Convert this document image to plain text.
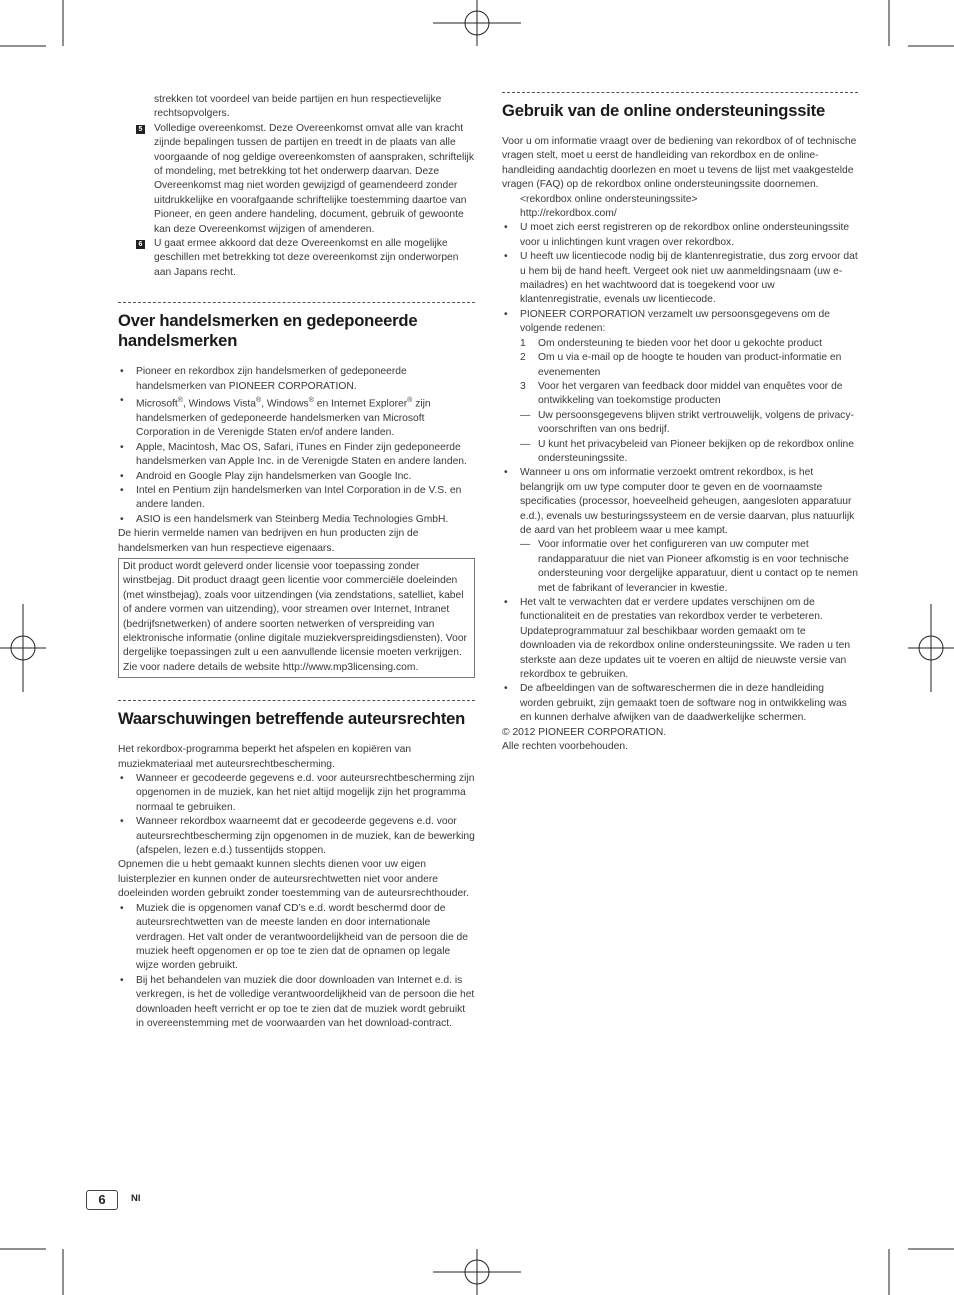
strekken tot voordeel van beide partijen en hun respectievelijke rechtsopvolgers.

5 Volledige overeenkomst. Deze Overeenkomst omvat alle van kracht zijnde bepalingen tussen de partijen en treedt in de plaats van alle voorgaande of nog geldige overeenkomsten of aanspraken, schriftelijk of mondeling, met betrekking tot het onderwerp daarvan. Deze Overeenkomst mag niet worden gewijzigd of geamendeerd zonder uitdrukkelijke en voorafgaande schriftelijke toestemming daartoe van Pioneer, en geen andere handeling, document, gebruik of gewoonte kan deze Overeenkomst wijzigen of amenderen.
6 U gaat ermee akkoord dat deze Overeenkomst en alle mogelijke geschillen met betrekking tot deze overeenkomst zijn onderworpen aan Japans recht.
Over handelsmerken en gedeponeerde handelsmerken
• Pioneer en rekordbox zijn handelsmerken of gedeponeerde handelsmerken van PIONEER CORPORATION.
• Microsoft®, Windows Vista®, Windows® en Internet Explorer® zijn handelsmerken of gedeponeerde handelsmerken van Microsoft Corporation in de Verenigde Staten en/of andere landen.
• Apple, Macintosh, Mac OS, Safari, iTunes en Finder zijn gedeponeerde handelsmerken van Apple Inc. in de Verenigde Staten en andere landen.
• Android en Google Play zijn handelsmerken van Google Inc.
• Intel en Pentium zijn handelsmerken van Intel Corporation in de V.S. en andere landen.
• ASIO is een handelsmerk van Steinberg Media Technologies GmbH.

De hierin vermelde namen van bedrijven en hun producten zijn de handelsmerken van hun respectieve eigenaars.

Dit product wordt geleverd onder licensie voor toepassing zonder winstbejag. Dit product draagt geen licentie voor commerciële doeleinden (met winstbejag), zoals voor uitzendingen (via zendstations, satelliet, kabel of andere vormen van uitzending), voor streamen over Internet, Intranet (bedrijfsnetwerken) of andere soorten netwerken of verspreiding van elektronische informatie (online digitale muziekverspreidingsdiensten). Voor dergelijke toepassingen zult u een aanvullende licensie moeten verkrijgen. Zie voor nadere details de website http://www.mp3licensing.com.
Waarschuwingen betreffende auteursrechten

Het rekordbox-programma beperkt het afspelen en kopiëren van muziekmateriaal met auteursrechtbescherming.

• Wanneer er gecodeerde gegevens e.d. voor auteursrechtbescherming zijn opgenomen in de muziek, kan het niet altijd mogelijk zijn het programma normaal te gebruiken.
• Wanneer rekordbox waarneemt dat er gecodeerde gegevens e.d. voor auteursrechtbescherming zijn opgenomen in de muziek, kan de bewerking (afspelen, lezen e.d.) tussentijds stoppen.

Opnemen die u hebt gemaakt kunnen slechts dienen voor uw eigen luisterplezier en kunnen onder de auteursrechtwetten niet voor andere doeleinden worden gebruikt zonder toestemming van de auteursrechthouder.

• Muziek die is opgenomen vanaf CD’s e.d. wordt beschermd door de auteursrechtwetten van de meeste landen en door internationale verdragen. Het valt onder de verantwoordelijkheid van de persoon die de muziek heeft opgenomen er op toe te zien dat de opnamen op legale wijze worden gebruikt.
• Bij het behandelen van muziek die door downloaden van Internet e.d. is verkregen, is het de volledige verantwoordelijkheid van de persoon die het downloaden heeft verricht er op toe te zien dat de muziek wordt gebruikt in overeenstemming met de voorwaarden van het download-contract.
Gebruik van de online ondersteuningssite

Voor u om informatie vraagt over de bediening van rekordbox of of technische vragen stelt, moet u eerst de handleiding van rekordbox en de online-handleiding aandachtig doorlezen en moet u tevens de lijst met vaakgestelde vragen (FAQ) op de rekordbox online ondersteuningssite doornemen.

<rekordbox online ondersteuningssite>

http://rekordbox.com/

• U moet zich eerst registreren op de rekordbox online ondersteuningssite voor u inlichtingen kunt vragen over rekordbox.
• U heeft uw licentiecode nodig bij de klantenregistratie, dus zorg ervoor dat u hem bij de hand heeft. Vergeet ook niet uw aanmeldingsnaam (uw e-mailadres) en het wachtwoord dat is toegekend voor uw klantenregistratie, evenals uw licentiecode.
• PIONEER CORPORATION verzamelt uw persoonsgegevens om de volgende redenen:
1 Om ondersteuning te bieden voor het door u gekochte product
2 Om u via e-mail op de hoogte te houden van product-informatie en evenementen
3 Voor het vergaren van feedback door middel van enquêtes voor de ontwikkeling van toekomstige producten
— Uw persoonsgegevens blijven strikt vertrouwelijk, volgens de privacy-voorschriften van ons bedrijf.
— U kunt het privacybeleid van Pioneer bekijken op de rekordbox online ondersteuningssite.
• Wanneer u ons om informatie verzoekt omtrent rekordbox, is het belangrijk om uw type computer door te geven en de voornaamste specificaties (processor, hoeveelheid geheugen, aangesloten apparatuur e.d.), evenals uw besturingssysteem en de versie daarvan, plus natuurlijk de aard van het probleem waar u mee kampt.
— Voor informatie over het configureren van uw computer met randapparatuur die niet van Pioneer afkomstig is en voor technische ondersteuning voor dergelijke apparatuur, dient u contact op te nemen met de fabrikant of leverancier in kwestie.
• Het valt te verwachten dat er verdere updates verschijnen om de functionaliteit en de prestaties van rekordbox verder te verbeteren. Updateprogrammatuur zal beschikbaar worden gemaakt om te downloaden via de rekordbox online ondersteuningssite. We raden u ten sterkste aan deze updates uit te voeren en altijd de nieuwste versie van rekordbox te gebruiken.
• De afbeeldingen van de softwareschermen die in deze handleiding worden gebruikt, zijn gemaakt toen de software nog in ontwikkeling was en kunnen derhalve afwijken van de daadwerkelijke schermen.

© 2012 PIONEER CORPORATION.

Alle rechten voorbehouden.

6	Nl
